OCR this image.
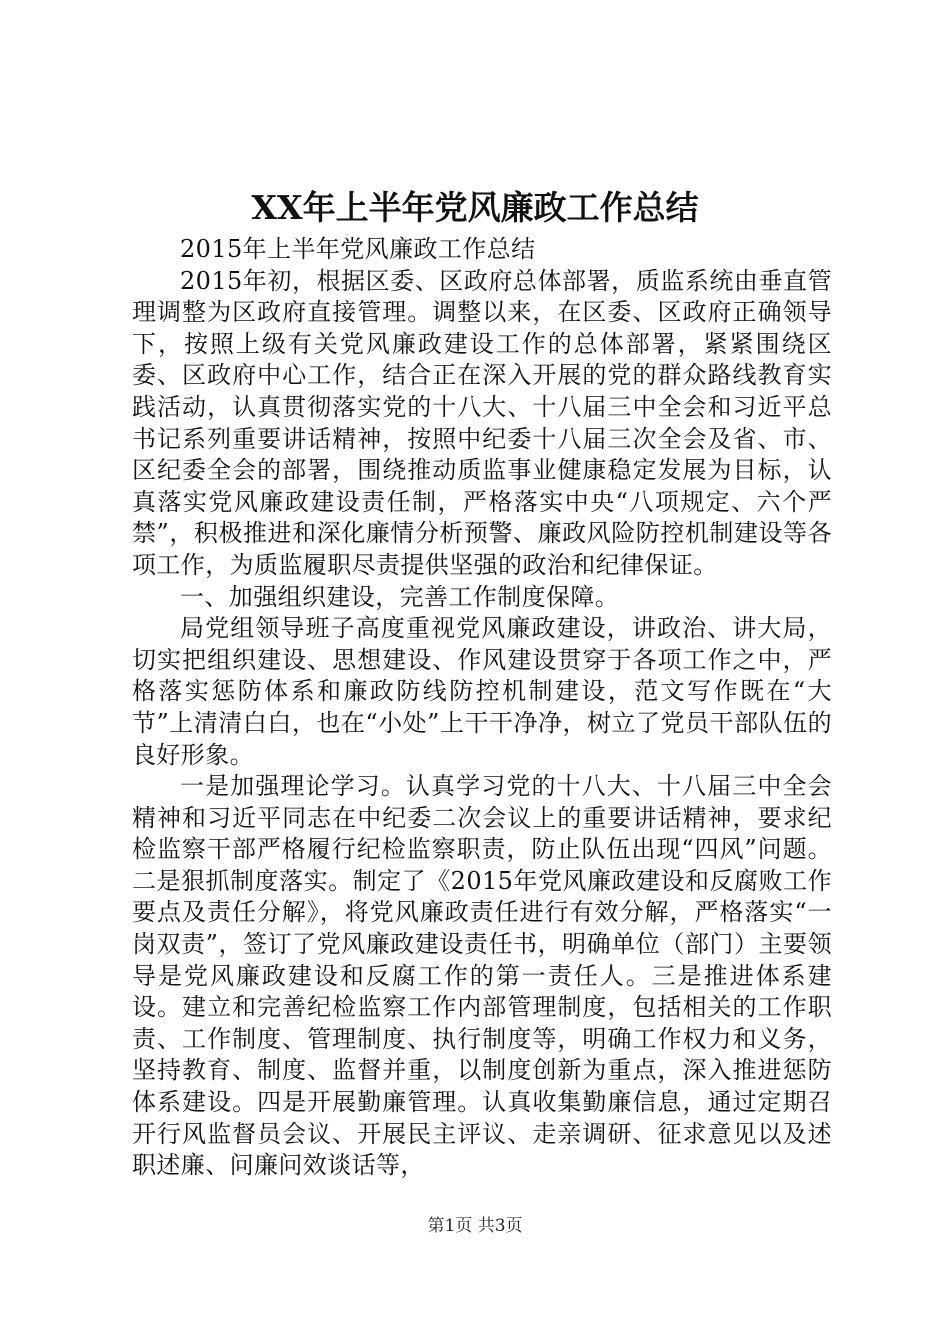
XX年上半年党风廉政工作总结

2015年上半年党风廉政工作总结

2015年初，根据区委、区政府总体部署，质监系统由垂直管理调整为区政府直接管理。调整以来，在区委、区政府正确领导下，按照上级有关党风廉政建设工作的总体部署，紧紧围绕区委、区政府中心工作，结合正在深入开展的党的群众路线教育实践活动，认真贯彻落实党的十八大、十八届三中全会和习近平总书记系列重要讲话精神，按照中纪委十八届三次全会及省、市、区纪委全会的部署，围绕推动质监事业健康稳定发展为目标，认真落实党风廉政建设责任制，严格落实中央“八项规定、六个严禁”，积极推进和深化廉情分析预警、廉政风险防控机制建设等各项工作，为质监履职尽责提供坚强的政治和纪律保证。

一、加强组织建设，完善工作制度保障。

局党组领导班子高度重视党风廉政建设，讲政治、讲大局，切实把组织建设、思想建设、作风建设贯穿于各项工作之中，严格落实惩防体系和廉政防线防控机制建设，范文写作既在“大节”上清清白白，也在“小处”上干干净净，树立了党员干部队伍的良好形象。

一是加强理论学习。认真学习党的十八大、十八届三中全会精神和习近平同志在中纪委二次会议上的重要讲话精神，要求纪检监察干部严格履行纪检监察职责，防止队伍出现“四风”问题。二是狠抓制度落实。制定了《2015年党风廉政建设和反腐败工作要点及责任分解》，将党风廉政责任进行有效分解，严格落实“一岗双责”，签订了党风廉政建设责任书，明确单位（部门）主要领导是党风廉政建设和反腐工作的第一责任人。三是推进体系建设。建立和完善纪检监察工作内部管理制度，包括相关的工作职责、工作制度、管理制度、执行制度等，明确工作权力和义务，坚持教育、制度、监督并重，以制度创新为重点，深入推进惩防体系建设。四是开展勤廉管理。认真收集勤廉信息，通过定期召开行风监督员会议、开展民主评议、走亲调研、征求意见以及述职述廉、问廉问效谈话等，

第1页 共3页
